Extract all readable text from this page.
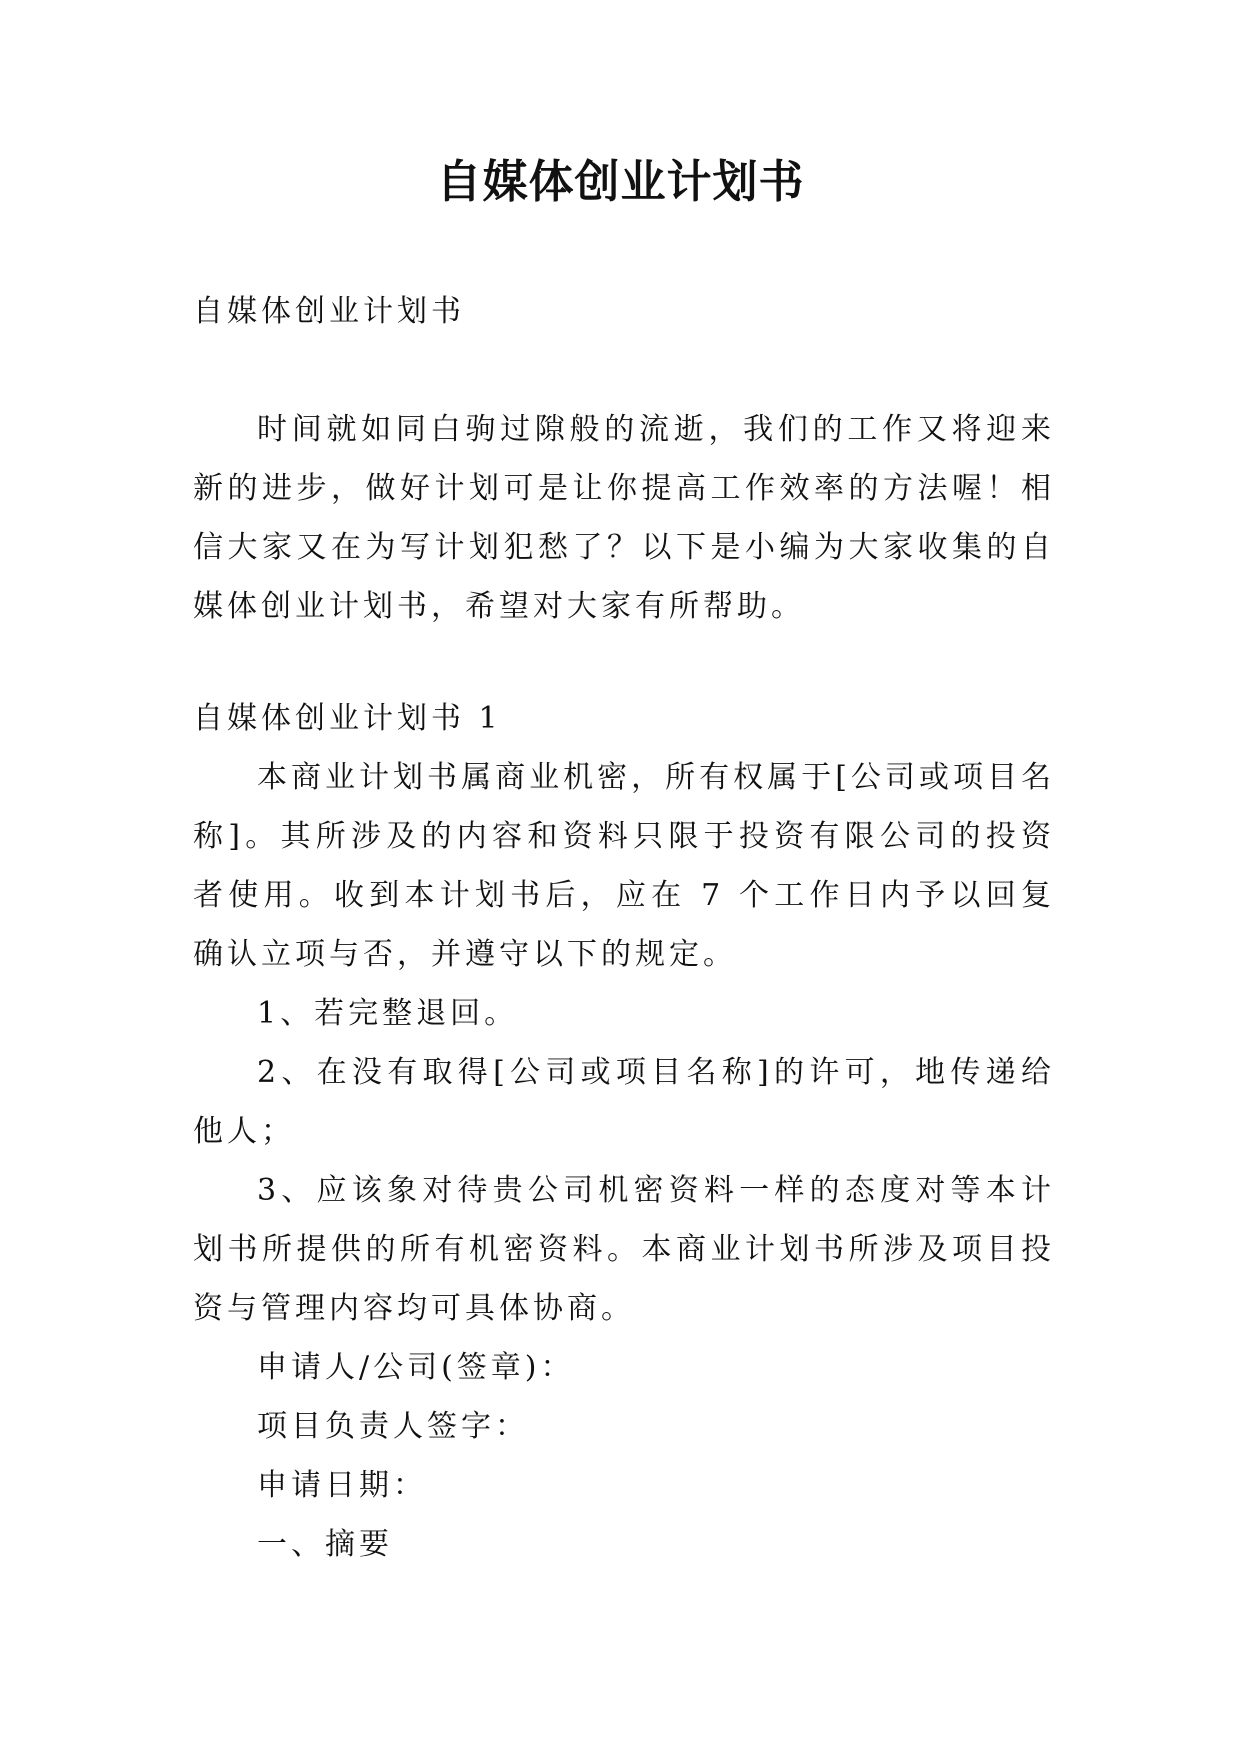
自媒体创业计划书

自媒体创业计划书

时间就如同白驹过隙般的流逝，我们的工作又将迎来新的进步，做好计划可是让你提高工作效率的方法喔！相信大家又在为写计划犯愁了？以下是小编为大家收集的自媒体创业计划书，希望对大家有所帮助。

自媒体创业计划书 1

本商业计划书属商业机密，所有权属于[公司或项目名称]。其所涉及的内容和资料只限于投资有限公司的投资者使用。收到本计划书后，应在 7 个工作日内予以回复确认立项与否，并遵守以下的规定。

1、若完整退回。

2、在没有取得[公司或项目名称]的许可，地传递给他人；

3、应该象对待贵公司机密资料一样的态度对等本计划书所提供的所有机密资料。本商业计划书所涉及项目投资与管理内容均可具体协商。

申请人/公司(签章)：

项目负责人签字：

申请日期：

一、摘要
